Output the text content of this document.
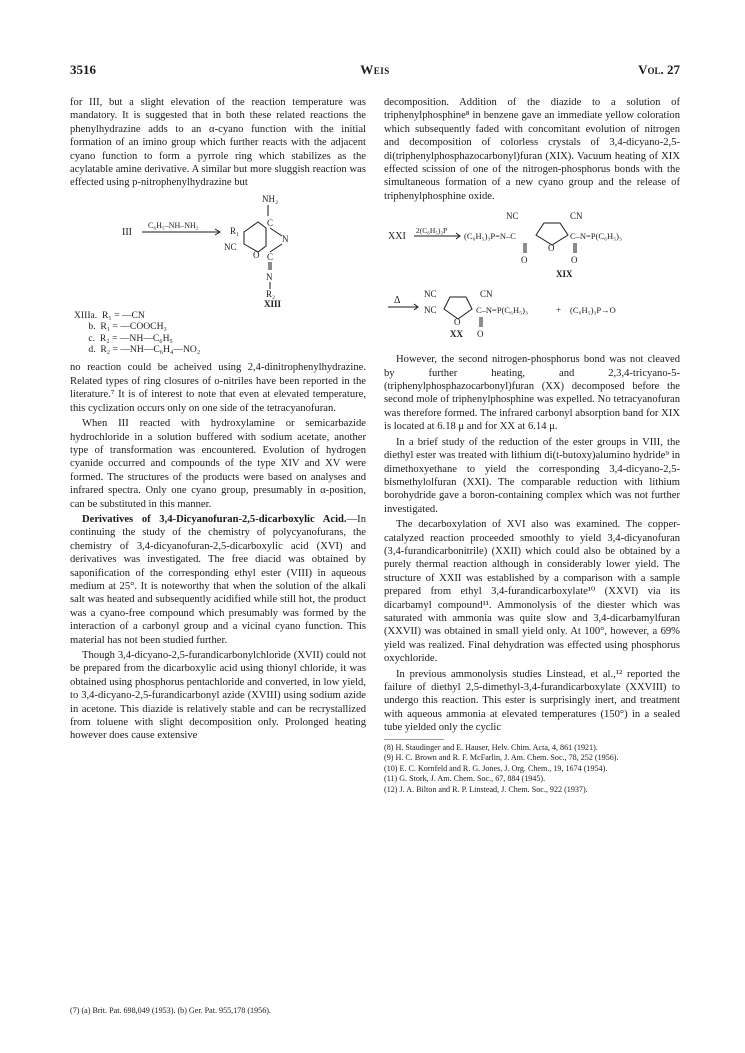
3516	Weis	Vol. 27

for III, but a slight elevation of the reaction temperature was mandatory. It is suggested that in both these related reactions the phenylhydrazine adds to an α-cyano function with the initial formation of an imino group which further reacts with the adjacent cyano function to form a pyrrole ring which stabilizes as the acylatable amine derivative. A similar but more sluggish reaction was effected using p-nitrophenylhydrazine but

III
C₆H₅–NH–NH₂
NH₂
C
R₁
N
C
NC
O
N
R₂
XIII
XIIIa.  R₁ = —CN
b.  R₁ = —COOCH₃
c.  R₂ = —NH—C₆H₅
d.  R₂ = —NH—C₆H₄—NO₂

no reaction could be acheived using 2,4-dinitrophenylhydrazine. Related types of ring closures of o-nitriles have been reported in the literature.⁷ It is of interest to note that even at elevated temperature, this cyclization occurs only on one side of the tetracyanofuran.

When III reacted with hydroxylamine or semicarbazide hydrochloride in a solution buffered with sodium acetate, another type of transformation was encountered. Evolution of hydrogen cyanide occurred and compounds of the type XIV and XV were formed. The structures of the products were based on analyses and infrared spectra. Only one cyano group, presumably in α-position, can be substituted in this manner.

Derivatives of 3,4-Dicyanofuran-2,5-dicarboxylic Acid.—In continuing the study of the chemistry of polycyanofurans, the chemistry of 3,4-dicyanofuran-2,5-dicarboxylic acid (XVI) and derivatives was investigated. The free diacid was obtained by saponification of the corresponding ethyl ester (VIII) in aqueous medium at 25°. It is noteworthy that when the solution of the alkali salt was heated and subsequently acidified while still hot, the product was a cyano-free compound which presumably was formed by the interaction of a carbonyl group and a vicinal cyano function. This material has not been studied further.

Though 3,4-dicyano-2,5-furandicarbonylchloride (XVII) could not be prepared from the dicarboxylic acid using thionyl chloride, it was obtained using phosphorus pentachloride and converted, in low yield, to 3,4-dicyano-2,5-furandicarbonyl azide (XVIII) using sodium azide in acetone. This diazide is relatively stable and can be recrystallized from toluene with slight decomposition only. Prolonged heating however does cause extensive

(7) (a) Brit. Pat. 698,049 (1953). (b) Ger. Pat. 955,178 (1956).

decomposition. Addition of the diazide to a solution of triphenylphosphine⁸ in benzene gave an immediate yellow coloration which subsequently faded with concomitant evolution of nitrogen and decomposition of colorless crystals of 3,4-dicyano-2,5-di(triphenylphosphazocarbonyl)furan (XIX). Vacuum heating of XIX effected scission of one of the nitrogen-phosphorus bonds with the simultaneous formation of a new cyano group and the release of triphenylphosphine oxide.

XXI
2(C₆H₅)₃P
(C₆H₅)₃P=N–C
NC	CN
O
C–N=P(C₆H₅)₃
O	O
XIX
Δ
NC
NC
CN
O
C–N=P(C₆H₅)₃	+ (C₆H₅)₃P→O
O
XX

However, the second nitrogen-phosphorus bond was not cleaved by further heating, and 2,3,4-tricyano-5-(triphenylphosphazocarbonyl)furan (XX) decomposed before the second mole of triphenylphosphine was expelled. No tetracyanofuran was therefore formed. The infrared carbonyl absorption band for XIX is located at 6.18 μ and for XX at 6.14 μ.

In a brief study of the reduction of the ester groups in VIII, the diethyl ester was treated with lithium di(t-butoxy)alumino hydride⁹ in dimethoxyethane to yield the corresponding 3,4-dicyano-2,5-bismethylolfuran (XXI). The comparable reduction with lithium borohydride gave a boron-containing complex which was not further investigated.

The decarboxylation of XVI also was examined. The copper-catalyzed reaction proceeded smoothly to yield 3,4-dicyanofuran (3,4-furandicarbonitrile) (XXII) which could also be obtained by a purely thermal reaction although in considerably lower yield. The structure of XXII was established by a comparison with a sample prepared from ethyl 3,4-furandicarboxylate¹⁰ (XXVI) via its dicarbamyl compound¹¹. Ammonolysis of the diester which was saturated with ammonia was quite slow and 3,4-dicarbamylfuran (XXVII) was obtained in small yield only. At 100°, however, a 69% yield was realized. Final dehydration was effected using phosphorus oxychloride.

In previous ammonolysis studies Linstead, et al.,¹² reported the failure of diethyl 2,5-dimethyl-3,4-furandicarboxylate (XXVIII) to undergo this reaction. This ester is surprisingly inert, and treatment with aqueous ammonia at elevated temperatures (150°) in a sealed tube yielded only the cyclic

(8) H. Staudinger and E. Hauser, Helv. Chim. Acta, 4, 861 (1921).
(9) H. C. Brown and R. F. McFarlin, J. Am. Chem. Soc., 78, 252 (1956).
(10) E. C. Kornfeld and R. G. Jones, J. Org. Chem., 19, 1674 (1954).
(11) G. Stork, J. Am. Chem. Soc., 67, 884 (1945).
(12) J. A. Bilton and R. P. Linstead, J. Chem. Soc., 922 (1937).
